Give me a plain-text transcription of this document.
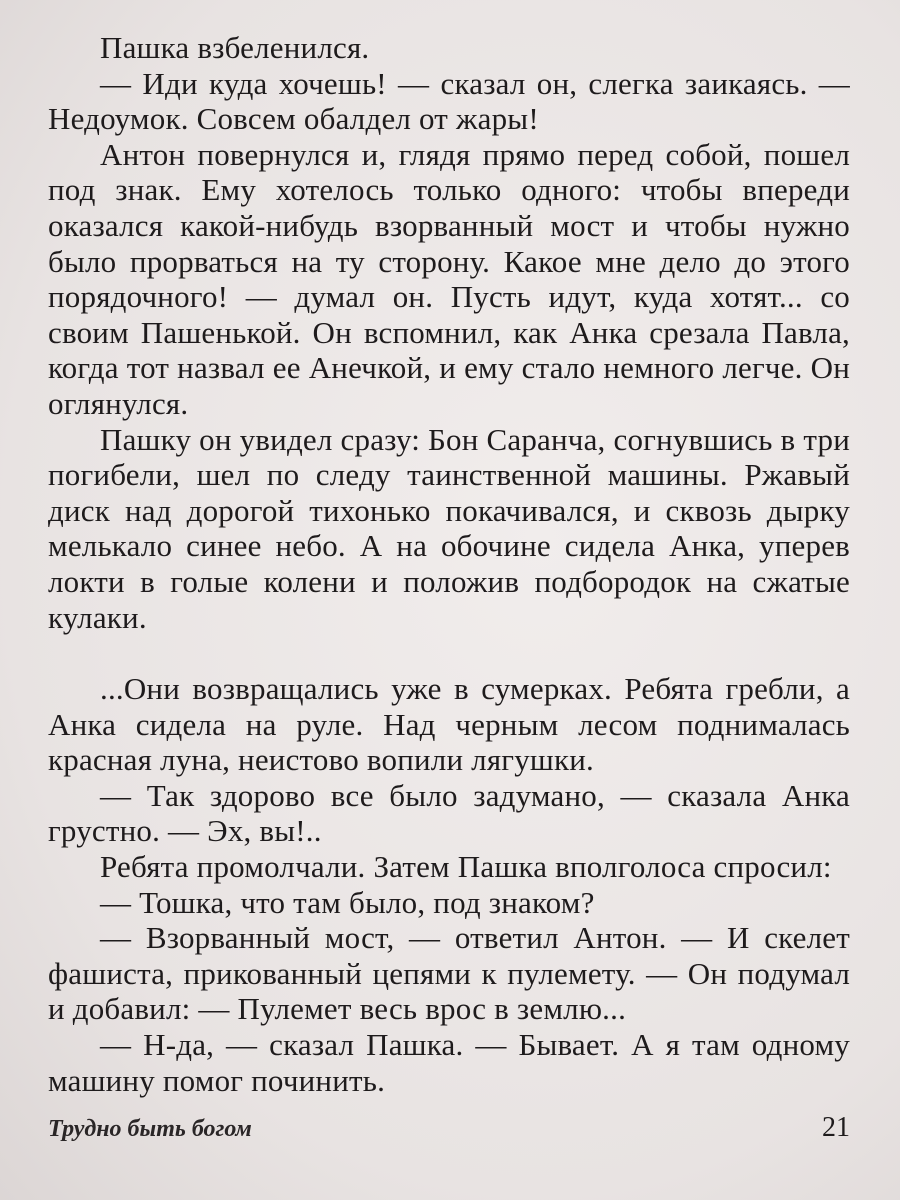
Пашка взбеленился.

— Иди куда хочешь! — сказал он, слегка заикаясь. — Недоумок. Совсем обалдел от жары!

Антон повернулся и, глядя прямо перед собой, пошел под знак. Ему хотелось только одного: чтобы впереди оказался какой-нибудь взорванный мост и чтобы нужно было прорваться на ту сторону. Какое мне дело до этого порядочного! — думал он. Пусть идут, куда хотят... со своим Пашенькой. Он вспомнил, как Анка срезала Павла, когда тот назвал ее Анечкой, и ему стало немного легче. Он оглянулся.

Пашку он увидел сразу: Бон Саранча, согнувшись в три погибели, шел по следу таинственной машины. Ржавый диск над дорогой тихонько покачивался, и сквозь дырку мелькало синее небо. А на обочине сидела Анка, уперев локти в голые колени и положив подбородок на сжатые кулаки.

...Они возвращались уже в сумерках. Ребята гребли, а Анка сидела на руле. Над черным лесом поднималась красная луна, неистово вопили лягушки.

— Так здорово все было задумано, — сказала Анка грустно. — Эх, вы!..

Ребята промолчали. Затем Пашка вполголоса спросил:

— Тошка, что там было, под знаком?

— Взорванный мост, — ответил Антон. — И скелет фашиста, прикованный цепями к пулемету. — Он подумал и добавил: — Пулемет весь врос в землю...

— Н-да, — сказал Пашка. — Бывает. А я там одному машину помог починить.

Трудно быть богом	21
